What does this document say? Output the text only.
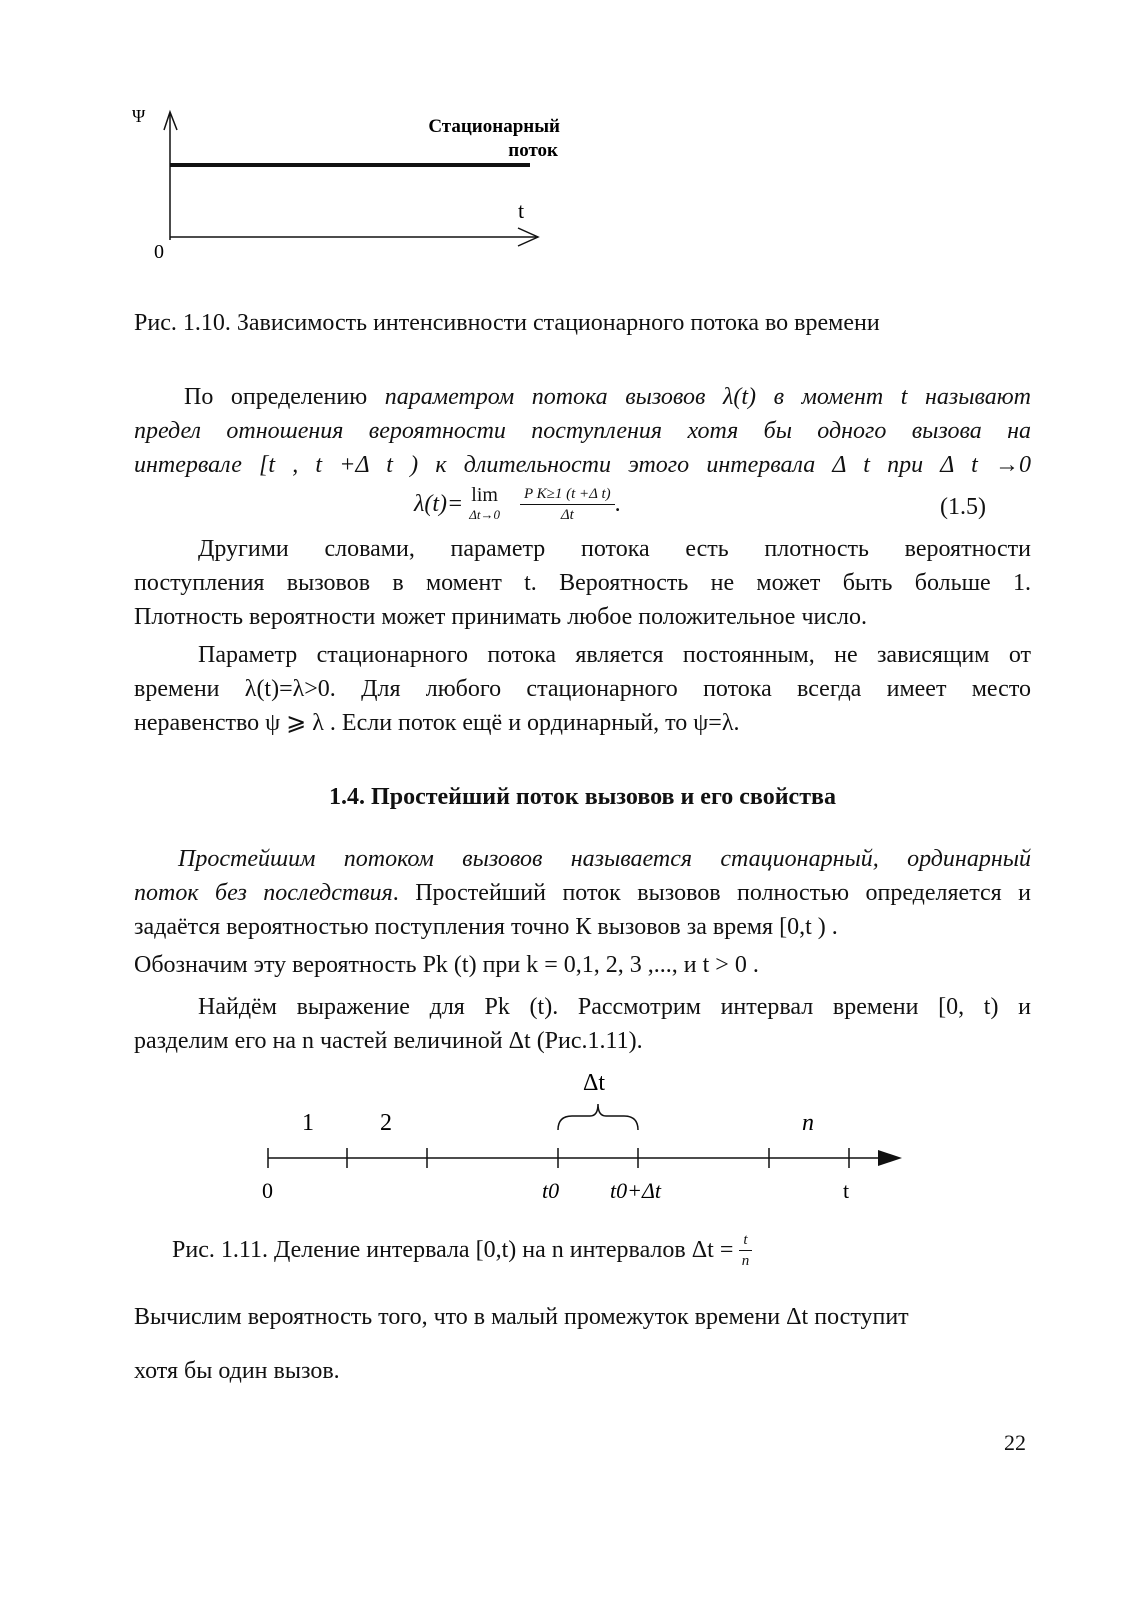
Ψ
t
0
Стационарный
поток

Рис. 1.10. Зависимость интенсивности стационарного потока во времени

По определению параметром потока вызовов λ(t) в момент t называют

предел отношения вероятности поступления хотя бы одного вызова на

интервале [t , t +Δ t ) к длительности этого интервала Δ t при Δ t →0

λ(t)= lim
Δt→0
$\frac{\text{P K≥1 (t +Δ t)}}{\Delta t}$ .	(1.5)

Другими словами, параметр потока есть плотность вероятности

поступления вызовов в момент t. Вероятность не может быть больше 1.

Плотность вероятности может принимать любое положительное число.

Параметр стационарного потока является постоянным, не зависящим от

времени λ(t)=λ>0. Для любого стационарного потока всегда имеет место

неравенство ψ ⩾ λ . Если поток ещё и ординарный, то ψ=λ.

1.4. Простейший поток вызовов и его свойства

Простейшим потоком вызовов называется стационарный, ординарный

поток без последствия. Простейший поток вызовов полностью определяется и

задаётся вероятностью поступления точно К вызовов за время [0,t ) .

Обозначим эту вероятность Pk (t) при k = 0,1, 2, 3 ,..., и t > 0 .

Найдём выражение для Pk (t). Рассмотрим интервал времени [0, t) и

разделим его на n частей величиной Δt (Рис.1.11).

Δt
1	2	n
0	t0 t0+Δt	t
Рис. 1.11. Деление интервала [0,t) на n интервалов $\Delta t = \frac{t}{n}$

Вычислим вероятность того, что в малый промежуток времени Δt поступит

хотя бы один вызов.

22
